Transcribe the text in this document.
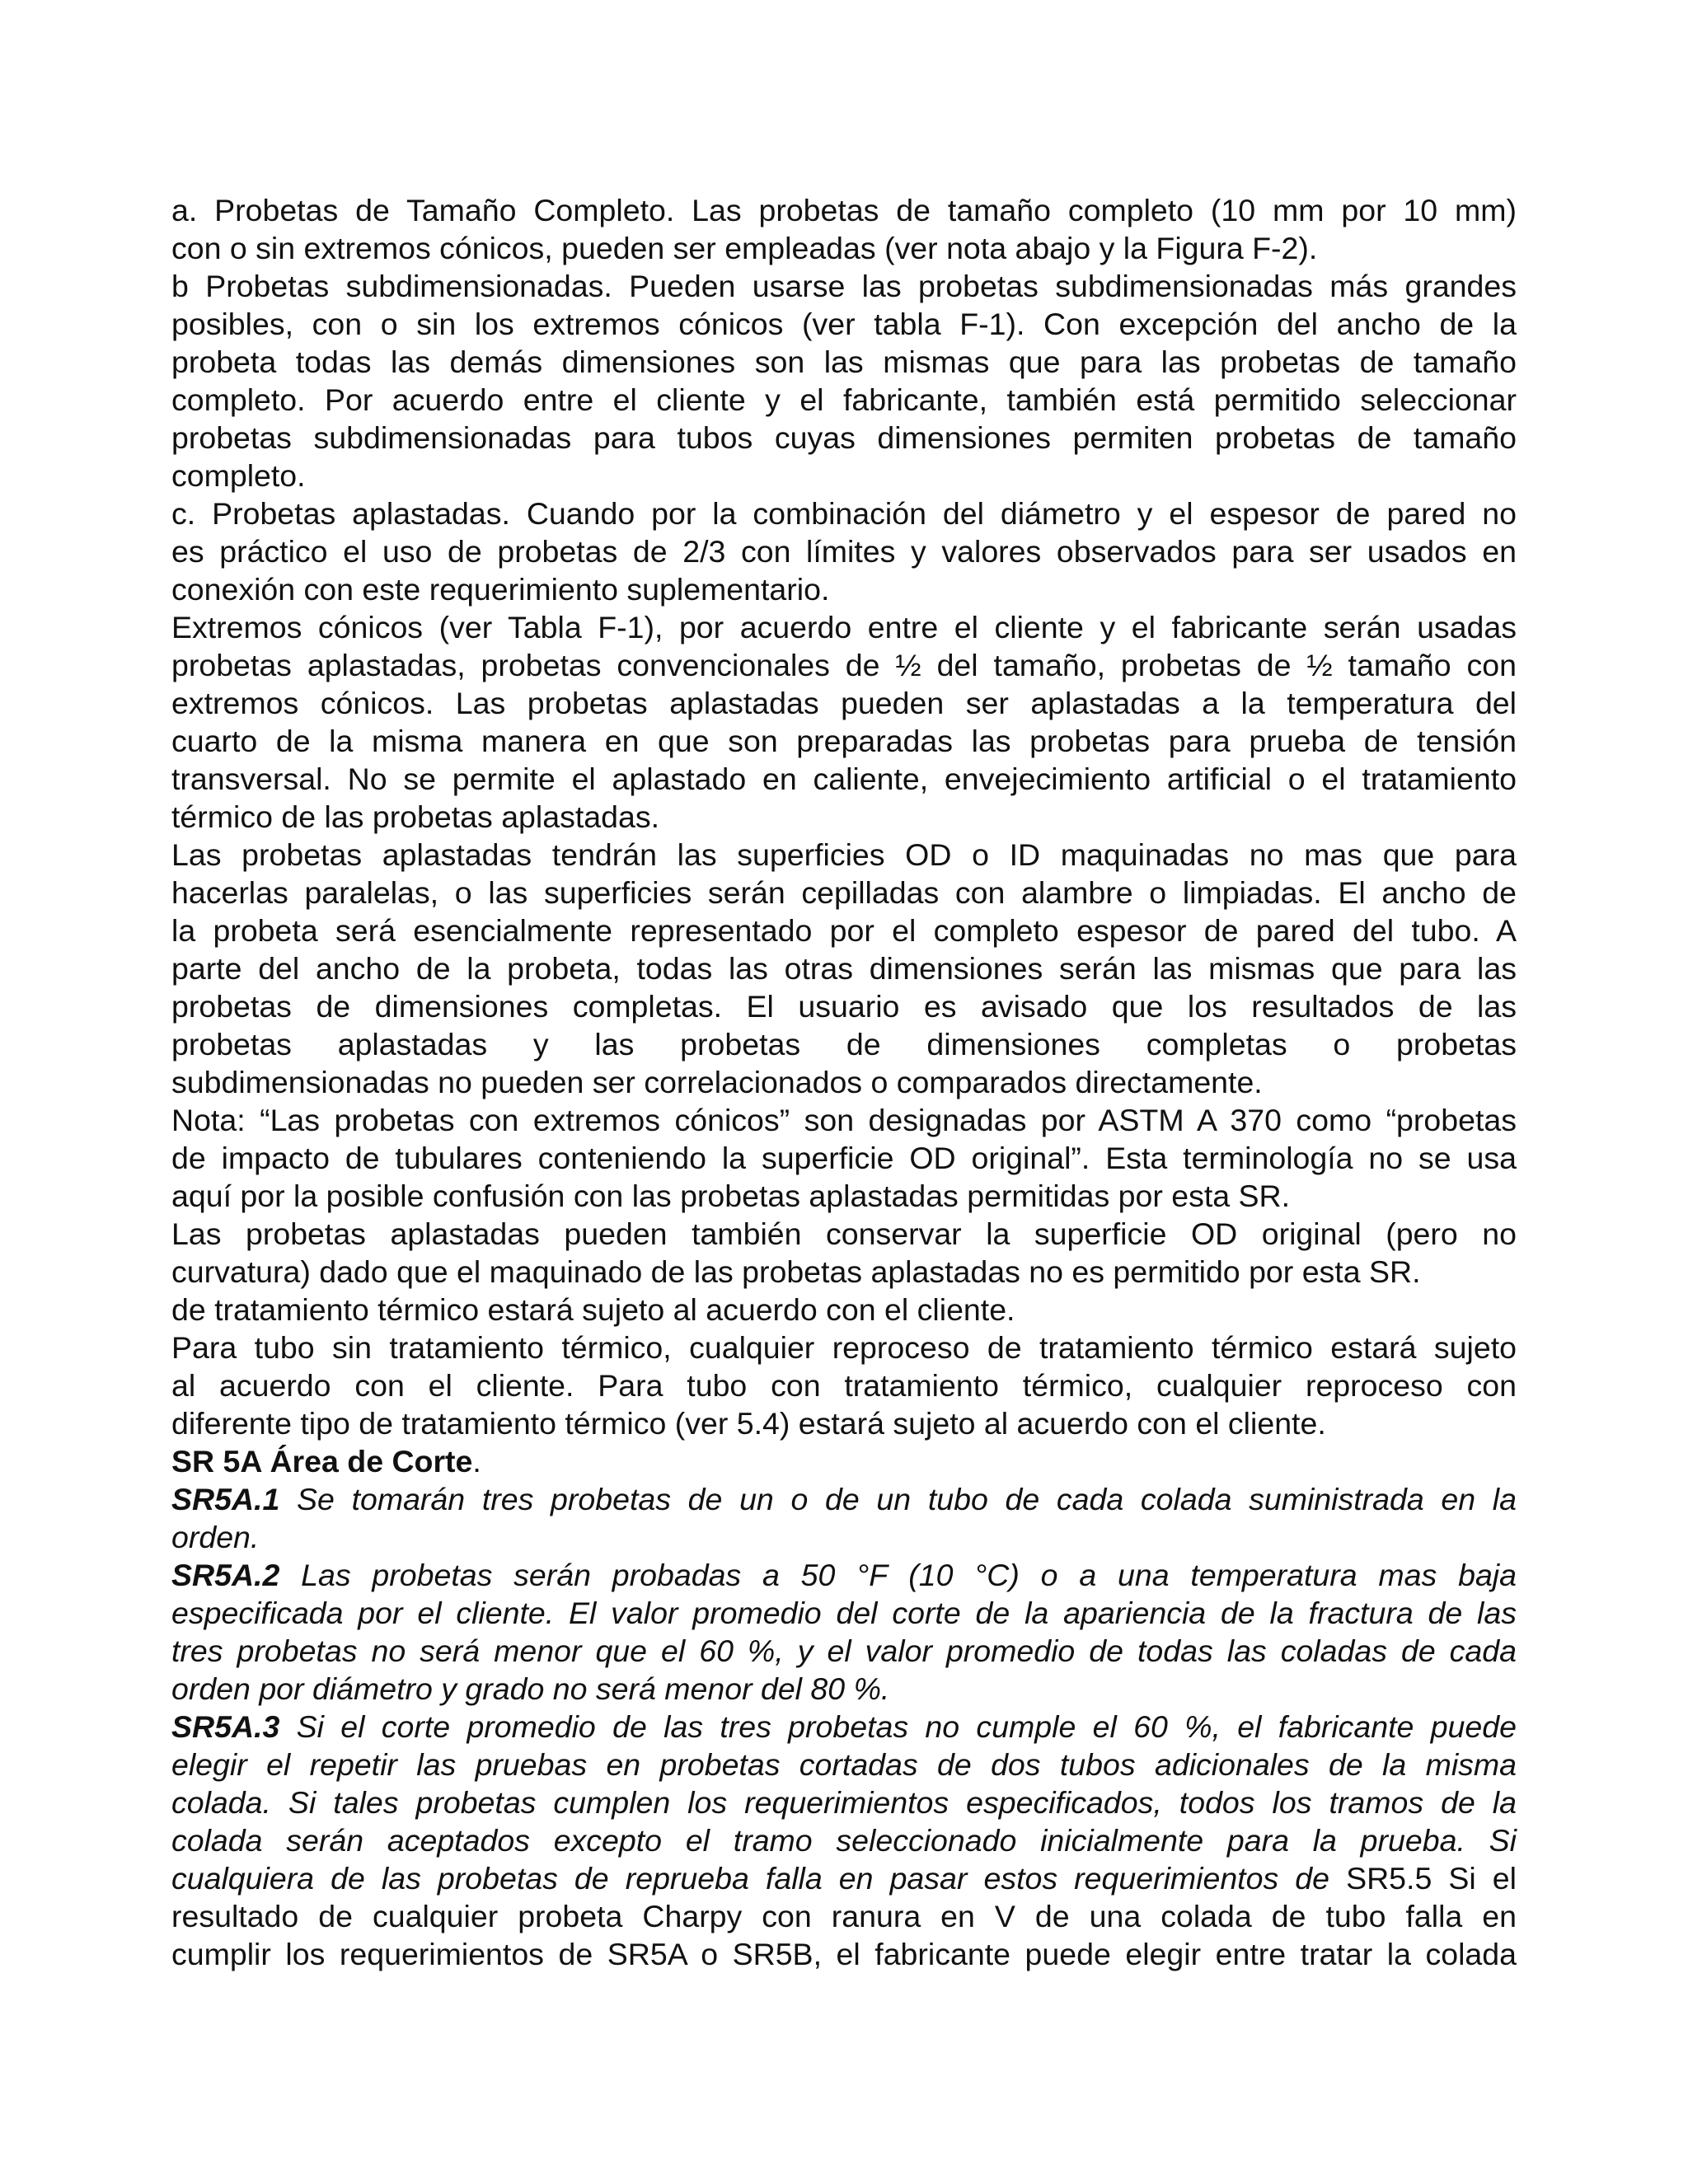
a. Probetas de Tamaño Completo. Las probetas de tamaño completo (10 mm por 10 mm)
con o sin extremos cónicos, pueden ser empleadas (ver nota abajo y la Figura F-2).
b Probetas subdimensionadas. Pueden usarse las probetas subdimensionadas más grandes
posibles, con o sin los extremos cónicos (ver tabla F-1). Con excepción del ancho de la
probeta todas las demás dimensiones son las mismas que para las probetas de tamaño
completo. Por acuerdo entre el cliente y el fabricante, también está permitido seleccionar
probetas subdimensionadas para tubos cuyas dimensiones permiten probetas de tamaño
completo.
c. Probetas aplastadas. Cuando por la combinación del diámetro y el espesor de pared no
es práctico el uso de probetas de 2/3 con límites y valores observados para ser usados en
conexión con este requerimiento suplementario.
Extremos cónicos (ver Tabla F-1), por acuerdo entre el cliente y el fabricante serán usadas
probetas aplastadas, probetas convencionales de ½ del tamaño, probetas de ½ tamaño con
extremos cónicos. Las probetas aplastadas pueden ser aplastadas a la temperatura del
cuarto de la misma manera en que son preparadas las probetas para prueba de tensión
transversal. No se permite el aplastado en caliente, envejecimiento artificial o el tratamiento
térmico de las probetas aplastadas.
Las probetas aplastadas tendrán las superficies OD o ID maquinadas no mas que para
hacerlas paralelas, o las superficies serán cepilladas con alambre o limpiadas. El ancho de
la probeta será esencialmente representado por el completo espesor de pared del tubo. A
parte del ancho de la probeta, todas las otras dimensiones serán las mismas que para las
probetas de dimensiones completas. El usuario es avisado que los resultados de las
probetas aplastadas y las probetas de dimensiones completas o probetas
subdimensionadas no pueden ser correlacionados o comparados directamente.
Nota: “Las probetas con extremos cónicos” son designadas por ASTM A 370 como “probetas
de impacto de tubulares conteniendo la superficie OD original”. Esta terminología no se usa
aquí por la posible confusión con las probetas aplastadas permitidas por esta SR.
Las probetas aplastadas pueden también conservar la superficie OD original (pero no
curvatura) dado que el maquinado de las probetas aplastadas no es permitido por esta SR.
de tratamiento térmico estará sujeto al acuerdo con el cliente.
Para tubo sin tratamiento térmico, cualquier reproceso de tratamiento térmico estará sujeto
al acuerdo con el cliente. Para tubo con tratamiento térmico, cualquier reproceso con
diferente tipo de tratamiento térmico (ver 5.4) estará sujeto al acuerdo con el cliente.
SR 5A Área de Corte.
SR5A.1 Se tomarán tres probetas de un o de un tubo de cada colada suministrada en la
orden.
SR5A.2 Las probetas serán probadas a 50 °F (10 °C) o a una temperatura mas baja
especificada por el cliente. El valor promedio del corte de la apariencia de la fractura de las
tres probetas no será menor que el 60 %, y el valor promedio de todas las coladas de cada
orden por diámetro y grado no será menor del 80 %.
SR5A.3 Si el corte promedio de las tres probetas no cumple el 60 %, el fabricante puede
elegir el repetir las pruebas en probetas cortadas de dos tubos adicionales de la misma
colada. Si tales probetas cumplen los requerimientos especificados, todos los tramos de la
colada serán aceptados excepto el tramo seleccionado inicialmente para la prueba. Si
cualquiera de las probetas de reprueba falla en pasar estos requerimientos de SR5.5 Si el
resultado de cualquier probeta Charpy con ranura en V de una colada de tubo falla en
cumplir los requerimientos de SR5A o SR5B, el fabricante puede elegir entre tratar la colada
